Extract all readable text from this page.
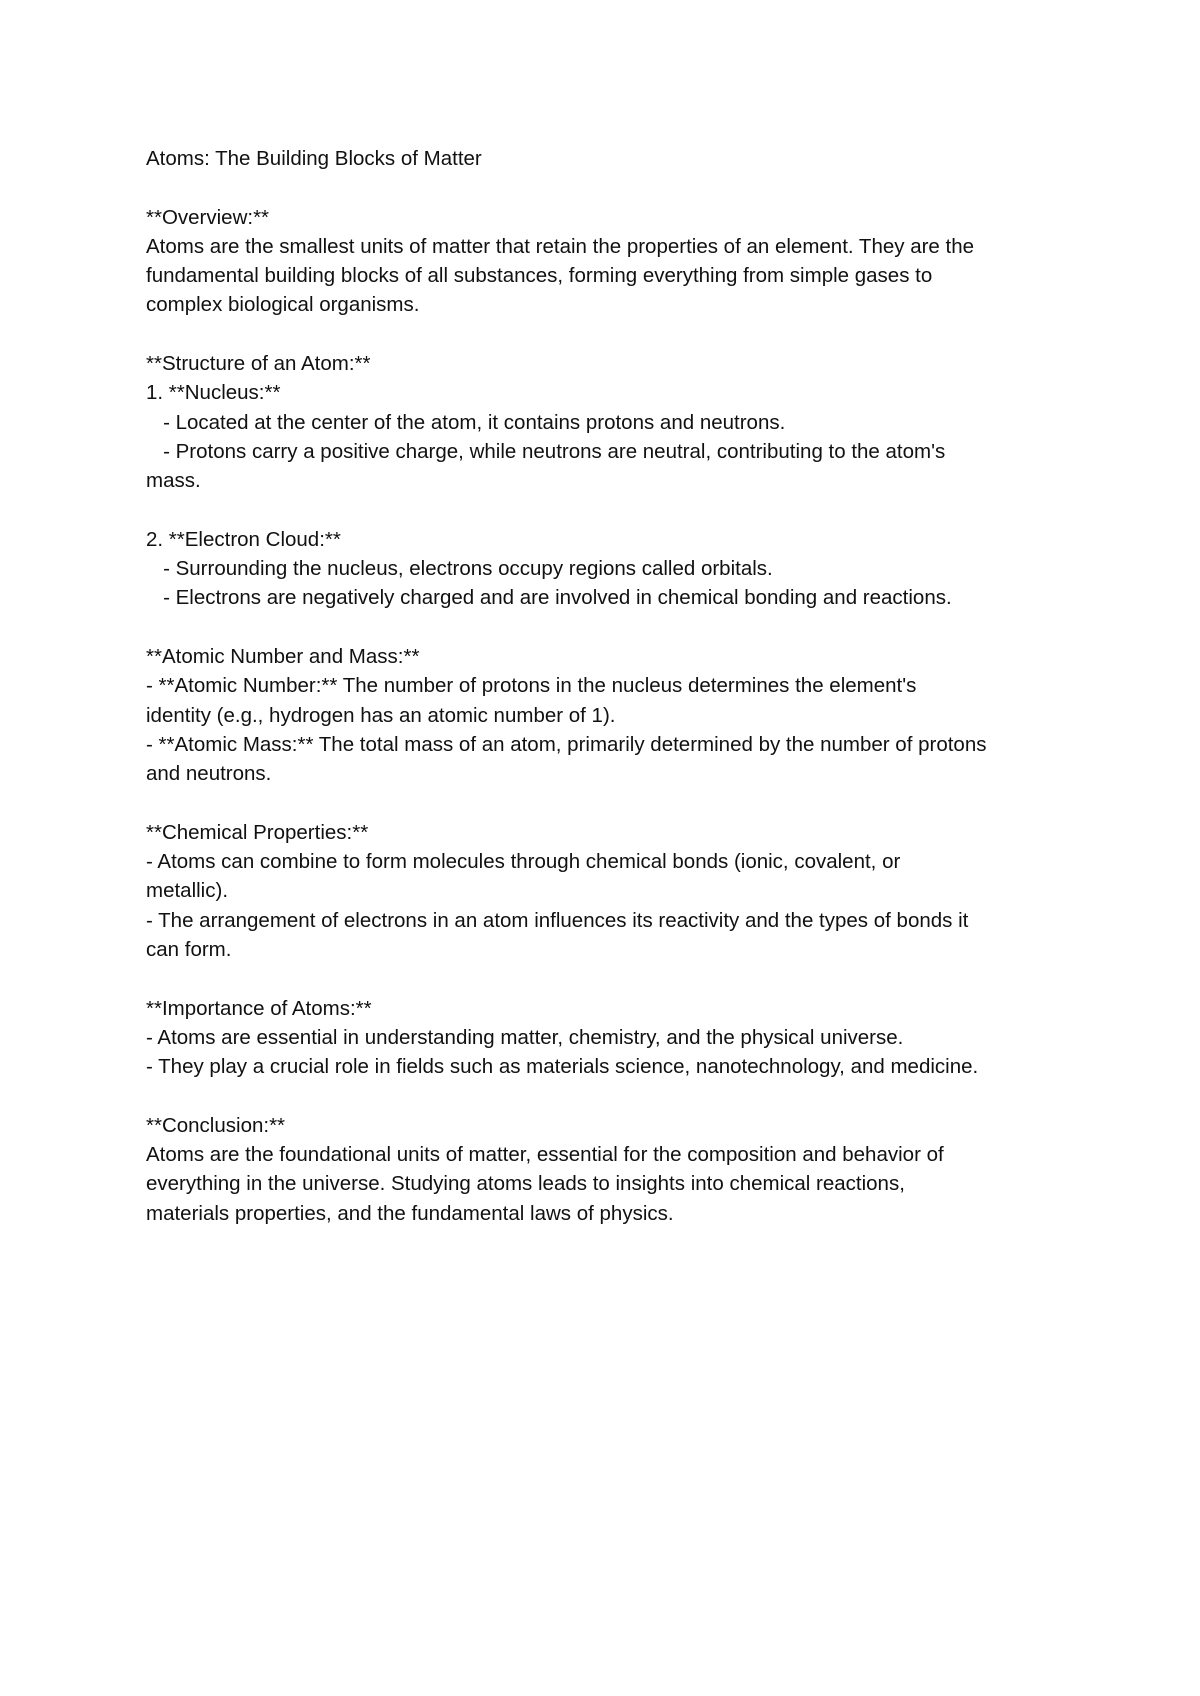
Atoms: The Building Blocks of Matter
**Overview:**
Atoms are the smallest units of matter that retain the properties of an element. They are the
fundamental building blocks of all substances, forming everything from simple gases to
complex biological organisms.
**Structure of an Atom:**
1. **Nucleus:**
- Located at the center of the atom, it contains protons and neutrons.
- Protons carry a positive charge, while neutrons are neutral, contributing to the atom's
mass.
2. **Electron Cloud:**
- Surrounding the nucleus, electrons occupy regions called orbitals.
- Electrons are negatively charged and are involved in chemical bonding and reactions.
**Atomic Number and Mass:**
- **Atomic Number:** The number of protons in the nucleus determines the element's
identity (e.g., hydrogen has an atomic number of 1).
- **Atomic Mass:** The total mass of an atom, primarily determined by the number of protons
and neutrons.
**Chemical Properties:**
- Atoms can combine to form molecules through chemical bonds (ionic, covalent, or
metallic).
- The arrangement of electrons in an atom influences its reactivity and the types of bonds it
can form.
**Importance of Atoms:**
- Atoms are essential in understanding matter, chemistry, and the physical universe.
- They play a crucial role in fields such as materials science, nanotechnology, and medicine.
**Conclusion:**
Atoms are the foundational units of matter, essential for the composition and behavior of
everything in the universe. Studying atoms leads to insights into chemical reactions,
materials properties, and the fundamental laws of physics.
